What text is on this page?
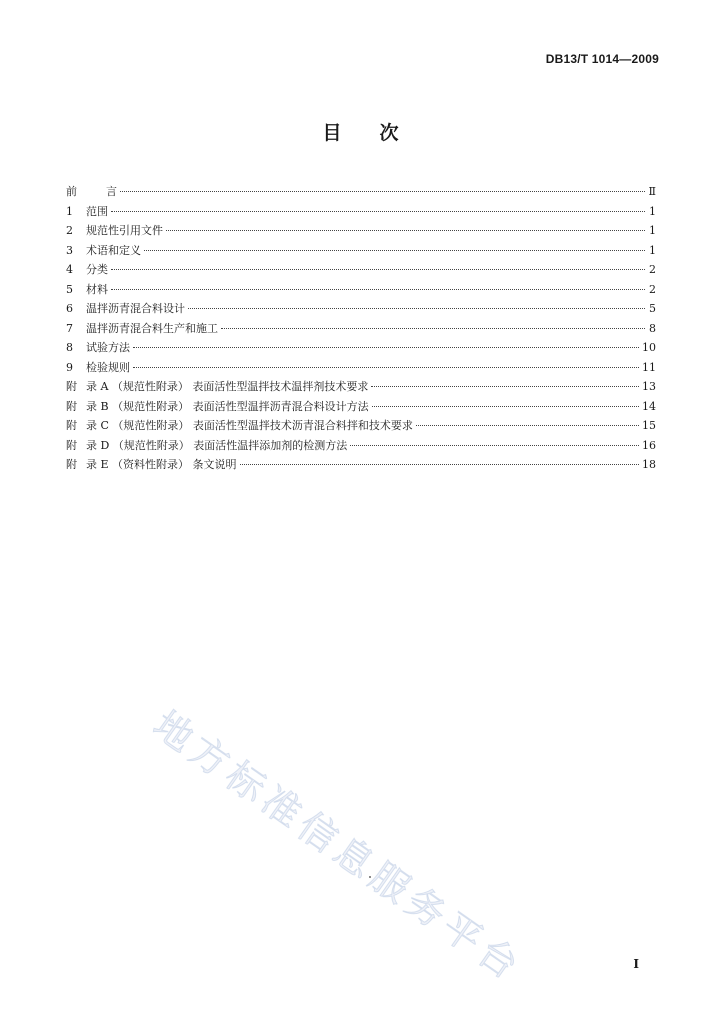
DB13/T 1014—2009
目 次
前	言	Ⅱ
1 范围	1
2 规范性引用文件	1
3 术语和定义	1
4 分类	2
5 材料	2
6 温拌沥青混合料设计	5
7 温拌沥青混合料生产和施工	8
8 试验方法	10
9 检验规则	11
附 录 A （规范性附录） 表面活性型温拌技术温拌剂技术要求	13
附 录 B （规范性附录） 表面活性型温拌沥青混合料设计方法	14
附 录 C （规范性附录） 表面活性型温拌技术沥青混合料拌和技术要求	15
附 录 D （规范性附录） 表面活性温拌添加剂的检测方法	16
附 录 E （资料性附录） 条文说明	18
地方标准信息服务平台	I
